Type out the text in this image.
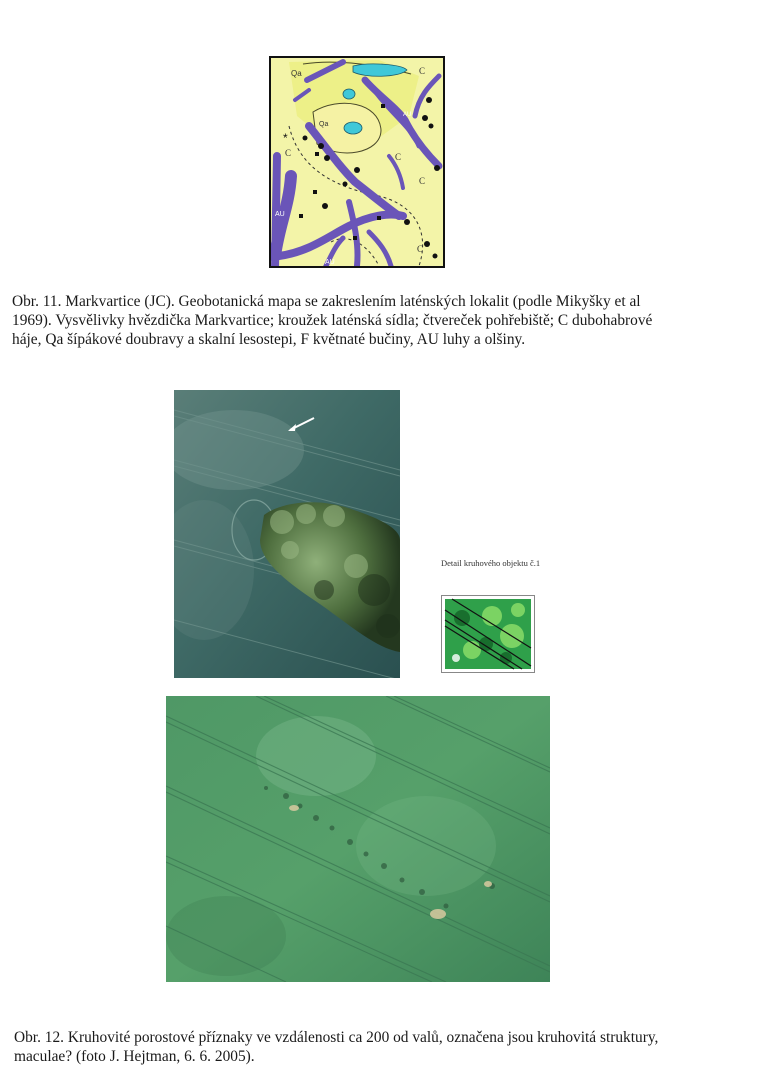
Qa
Qa
C
C
C
C
C
AU
AU
AU
*
Obr. 11. Markvartice (JC). Geobotanická mapa se zakreslením laténských lokalit (podle Mikyšky et al
1969). Vysvělivky hvězdička Markvartice; kroužek laténská sídla; čtvereček pohřebiště; C dubohabrové
háje, Qa šípákové doubravy a skalní lesostepi, F květnaté bučiny, AU luhy a olšiny.
Detail kruhového objektu č.1
Obr. 12. Kruhovité porostové příznaky ve vzdálenosti ca 200 od valů, označena jsou kruhovitá struktury,
maculae? (foto J. Hejtman, 6. 6. 2005).
